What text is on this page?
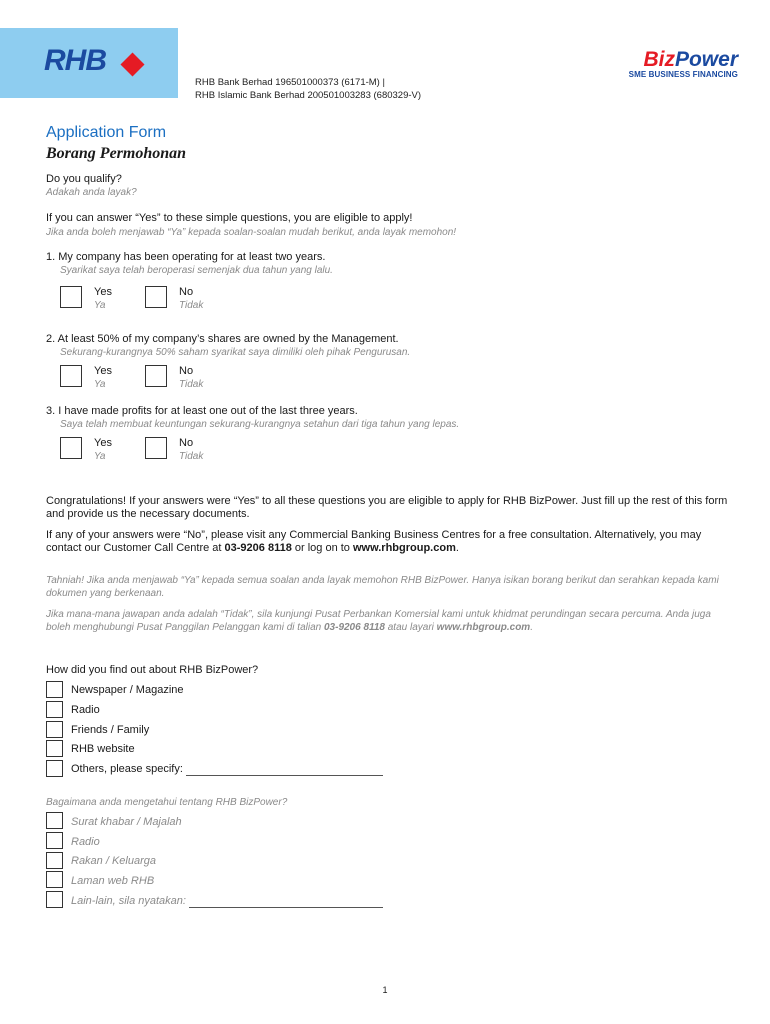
RHB
RHB Bank Berhad 196501000373 (6171-M) |
RHB Islamic Bank Berhad 200501003283 (680329-V)
BizPower
SME BUSINESS FINANCING
Application Form
Borang Permohonan
Do you qualify?
Adakah anda layak?
If you can answer “Yes” to these simple questions, you are eligible to apply!
Jika anda boleh menjawab “Ya” kepada soalan-soalan mudah berikut, anda layak memohon!
1. My company has been operating for at least two years.
Syarikat saya telah beroperasi semenjak dua tahun yang lalu.
Yes
Ya
No
Tidak
2. At least 50% of my company’s shares are owned by the Management.
Sekurang-kurangnya 50% saham syarikat saya dimiliki oleh pihak Pengurusan.
Yes
Ya
No
Tidak
3. I have made profits for at least one out of the last three years.
Saya telah membuat keuntungan sekurang-kurangnya setahun dari tiga tahun yang lepas.
Yes
Ya
No
Tidak
Congratulations! If your answers were “Yes” to all these questions you are eligible to apply for RHB BizPower. Just fill up the rest of this form and provide us the necessary documents.
If any of your answers were “No”, please visit any Commercial Banking Business Centres for a free consultation. Alternatively, you may contact our Customer Call Centre at 03-9206 8118 or log on to www.rhbgroup.com.
Tahniah! Jika anda menjawab “Ya” kepada semua soalan anda layak memohon RHB BizPower. Hanya isikan borang berikut dan serahkan kepada kami dokumen yang berkenaan.
Jika mana-mana jawapan anda adalah “Tidak”, sila kunjungi Pusat Perbankan Komersial kami untuk khidmat perundingan secara percuma. Anda juga boleh menghubungi Pusat Panggilan Pelanggan kami di talian 03-9206 8118 atau layari www.rhbgroup.com.
How did you find out about RHB BizPower?
Newspaper / Magazine
Radio
Friends / Family
RHB website
Others, please specify:
Bagaimana anda mengetahui tentang RHB BizPower?
Surat khabar / Majalah
Radio
Rakan / Keluarga
Laman web RHB
Lain-lain, sila nyatakan:
1
